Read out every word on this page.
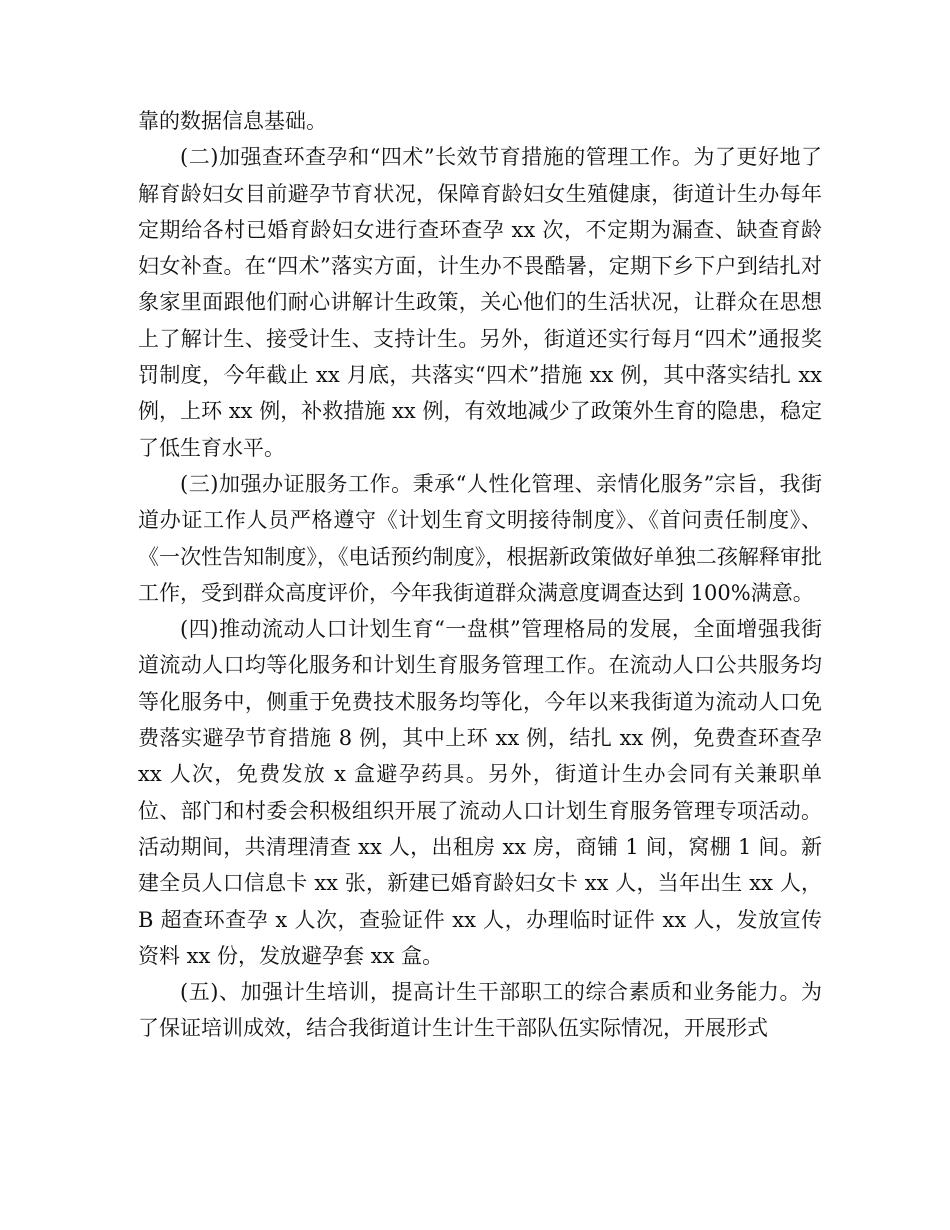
靠的数据信息基础。

(二)加强查环查孕和“四术”长效节育措施的管理工作。为了更好地了解育龄妇女目前避孕节育状况，保障育龄妇女生殖健康，街道计生办每年定期给各村已婚育龄妇女进行查环查孕 xx 次，不定期为漏查、缺查育龄妇女补查。在“四术”落实方面，计生办不畏酷暑，定期下乡下户到结扎对象家里面跟他们耐心讲解计生政策，关心他们的生活状况，让群众在思想上了解计生、接受计生、支持计生。另外，街道还实行每月“四术”通报奖罚制度，今年截止 xx 月底，共落实“四术”措施 xx 例，其中落实结扎 xx 例，上环 xx 例，补救措施 xx 例，有效地减少了政策外生育的隐患，稳定了低生育水平。

(三)加强办证服务工作。秉承“人性化管理、亲情化服务”宗旨，我街道办证工作人员严格遵守《计划生育文明接待制度》、《首问责任制度》、《一次性告知制度》，《电话预约制度》，根据新政策做好单独二孩解释审批工作，受到群众高度评价，今年我街道群众满意度调查达到 100%满意。

(四)推动流动人口计划生育“一盘棋”管理格局的发展，全面增强我街道流动人口均等化服务和计划生育服务管理工作。在流动人口公共服务均等化服务中，侧重于免费技术服务均等化，今年以来我街道为流动人口免费落实避孕节育措施 8 例，其中上环 xx 例，结扎 xx 例，免费查环查孕 xx 人次，免费发放 x 盒避孕药具。另外，街道计生办会同有关兼职单位、部门和村委会积极组织开展了流动人口计划生育服务管理专项活动。活动期间，共清理清查 xx 人，出租房 xx 房，商铺 1 间，窝棚 1 间。新建全员人口信息卡 xx 张，新建已婚育龄妇女卡 xx 人，当年出生 xx 人，B 超查环查孕 x 人次，查验证件 xx 人，办理临时证件 xx 人，发放宣传资料 xx 份，发放避孕套 xx 盒。

(五)、加强计生培训，提高计生干部职工的综合素质和业务能力。为了保证培训成效，结合我街道计生计生干部队伍实际情况，开展形式
